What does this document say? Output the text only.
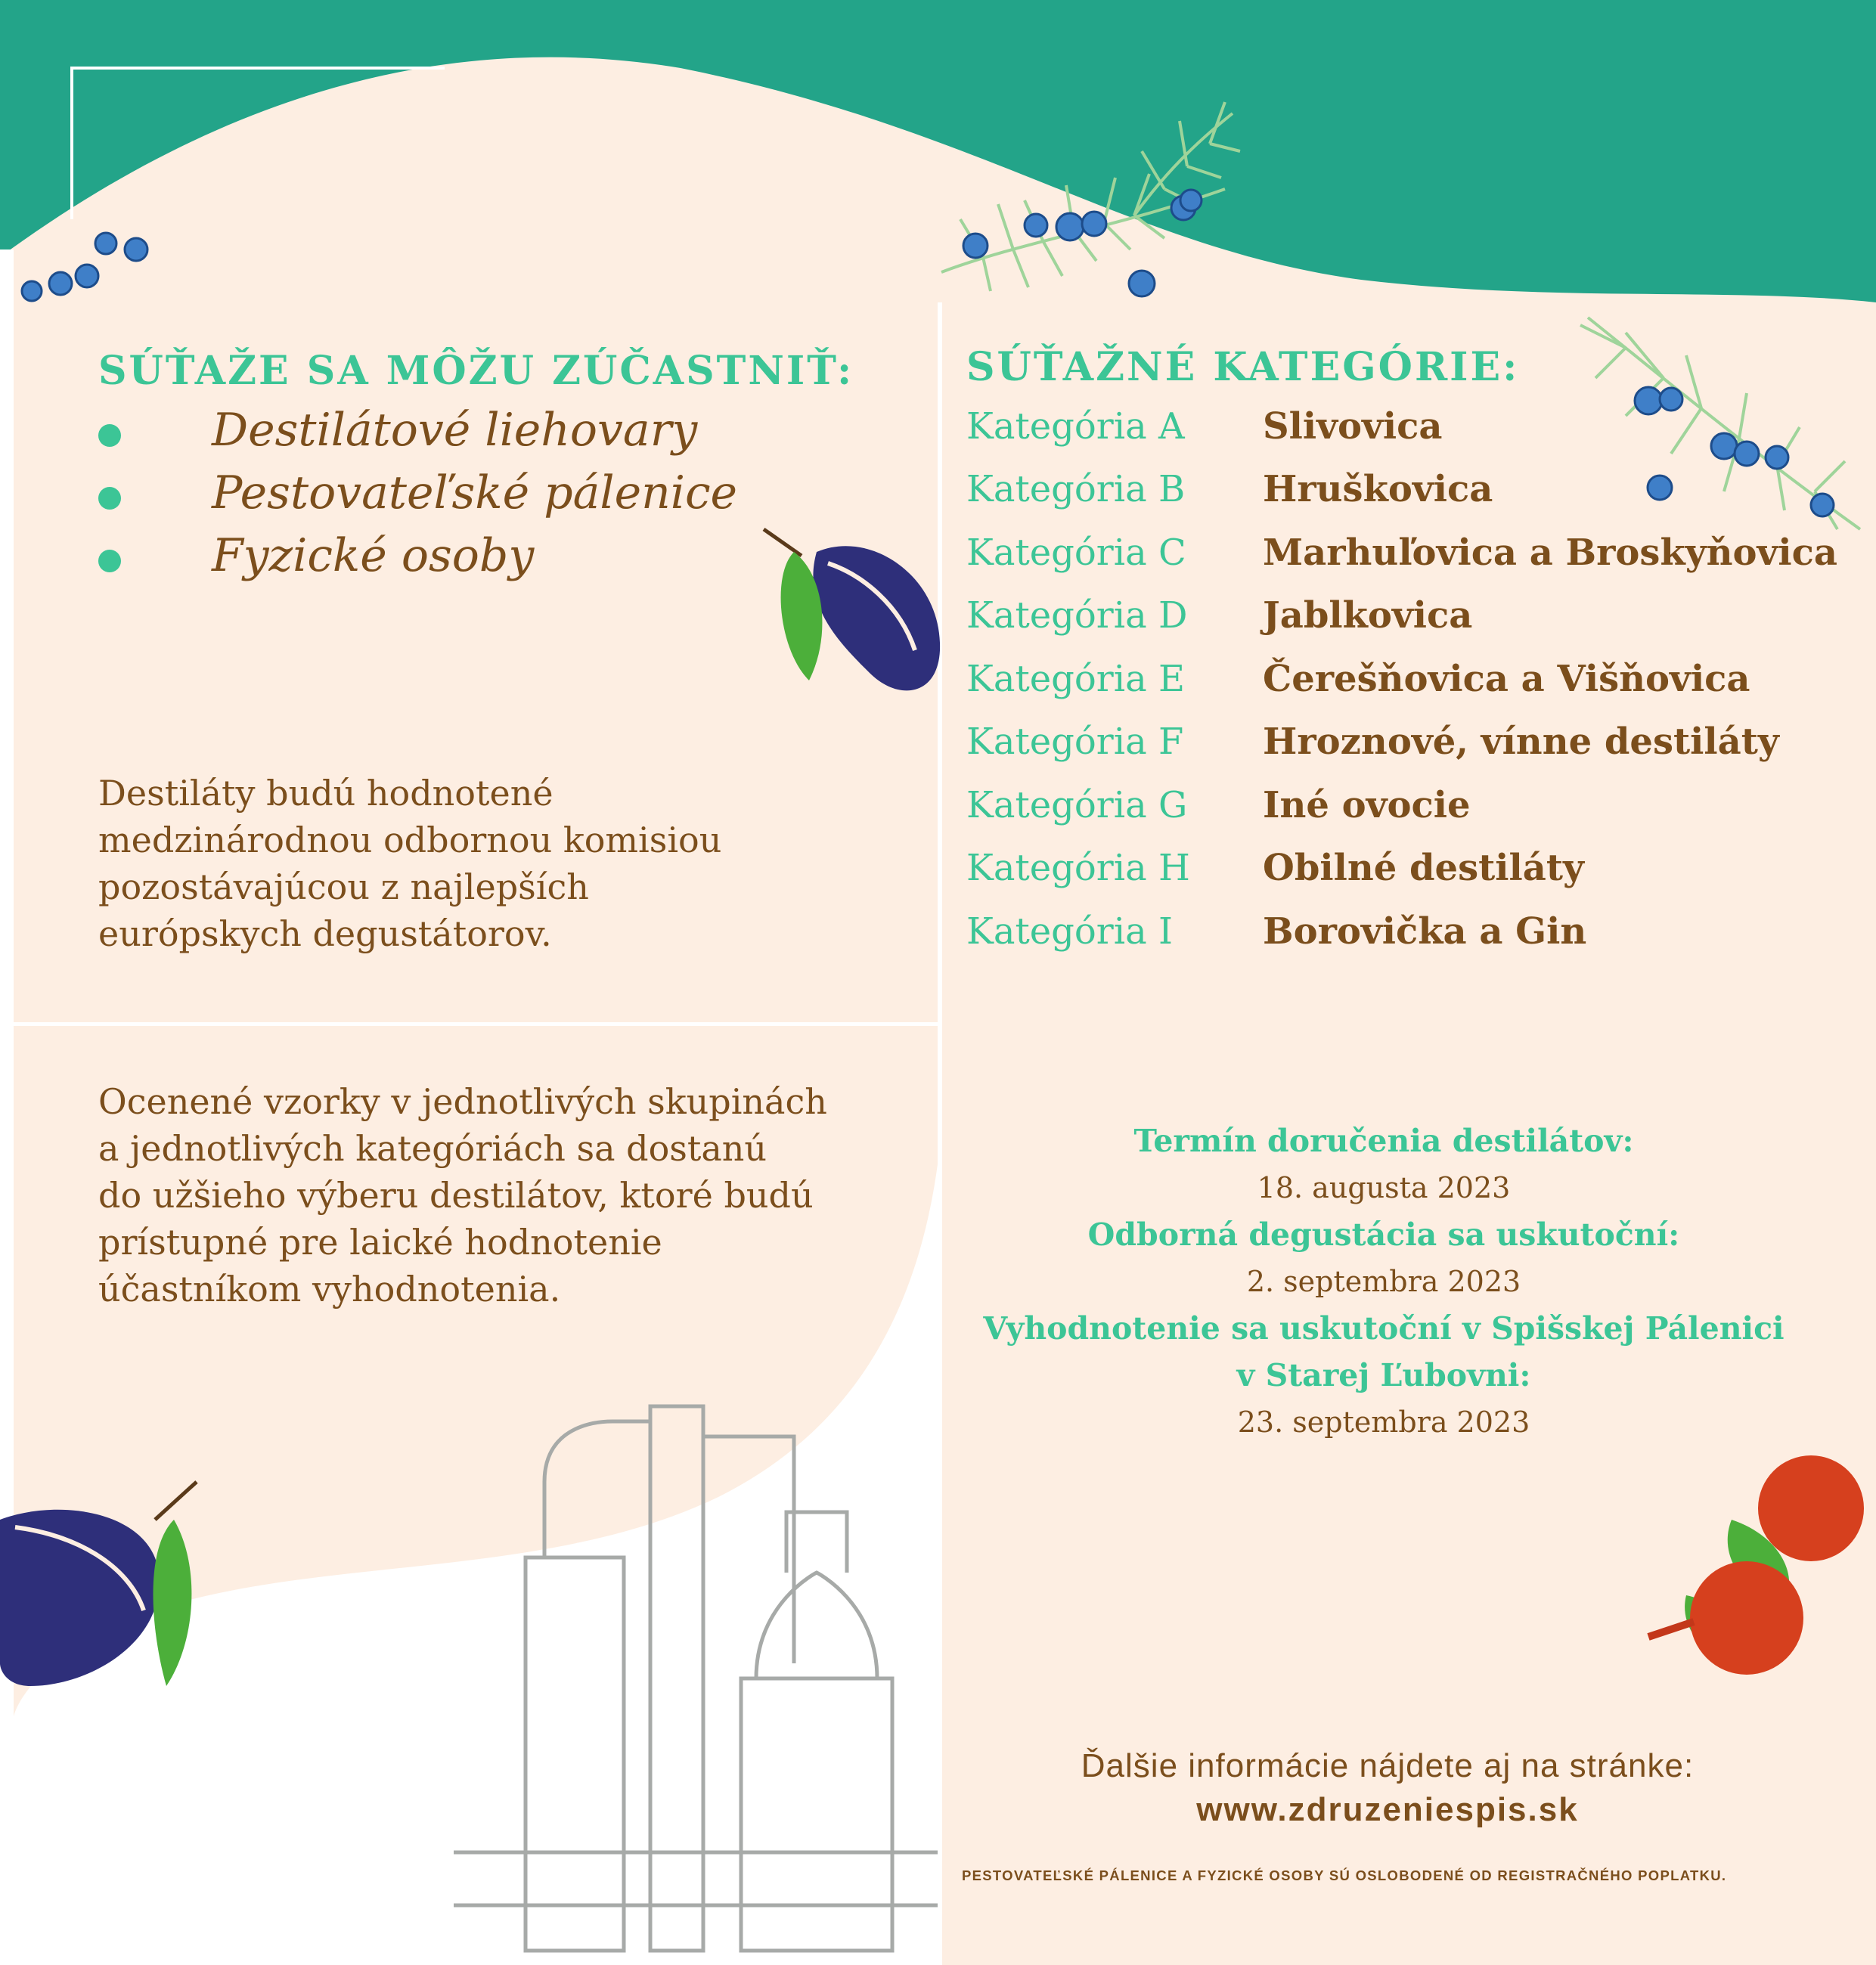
SÚŤAŽE SA MÔŽU ZÚČASTNIŤ:
Destilátové liehovary
Pestovateľské pálenice
Fyzické osoby

Destiláty budú hodnotené

medzinárodnou odbornou komisiou

pozostávajúcou z najlepších

európskych degustátorov.

Ocenené vzorky v jednotlivých skupinách

a jednotlivých kategóriách sa dostanú

do užšieho výberu destilátov, ktoré budú

prístupné pre laické hodnotenie

účastníkom vyhodnotenia.

SÚŤAŽNÉ KATEGÓRIE:
Kategória A	Slivovica
Kategória B	Hruškovica
Kategória C	Marhuľovica a Broskyňovica
Kategória D	Jablkovica
Kategória E	Čerešňovica a Višňovica
Kategória F	Hroznové, vínne destiláty
Kategória G	Iné ovocie
Kategória H	Obilné destiláty
Kategória I	Borovička a Gin
Termín doručenia destilátov:
18. augusta 2023
Odborná degustácia sa uskutoční:
2. septembra 2023
Vyhodnotenie sa uskutoční v Spišskej Pálenici
v Starej Ľubovni:
23. septembra 2023
Ďalšie informácie nájdete aj na stránke:
www.zdruzeniespis.sk
PESTOVATEĽSKÉ PÁLENICE A FYZICKÉ OSOBY SÚ OSLOBODENÉ OD REGISTRAČNÉHO POPLATKU.
